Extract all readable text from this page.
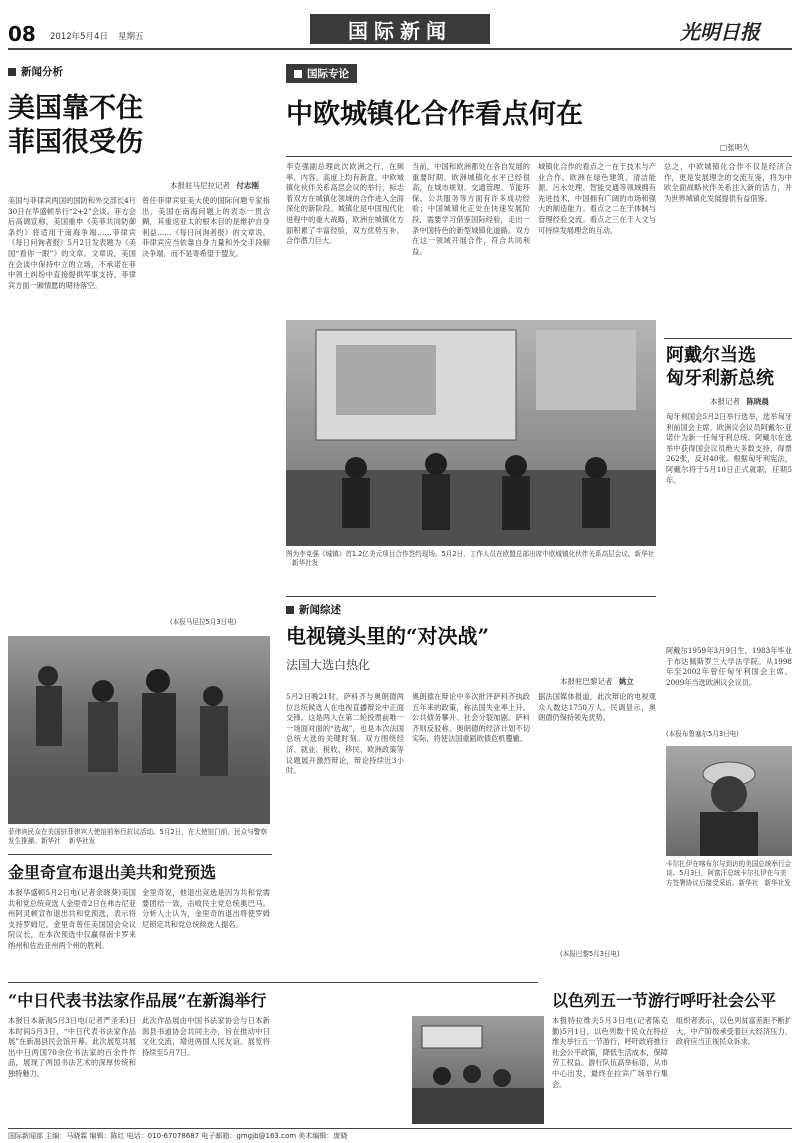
08 2012年5月4日 星期五	国际新闻	光明日报
新闻分析
美国靠不住
菲国很受伤
本报驻马尼拉记者 付志刚
美国与菲律宾两国的国防和外交部长4月30日在华盛顿举行“2+2”会谈。菲方会后高调宣称，美国重申《美菲共同防御条约》将适用于南海争端……菲律宾《每日问询者报》5月2日发表题为《美国“看你一眼”》的文章。文章说，美国在会谈中保持中立的立场，不承诺在菲中领土纠纷中直接提供军事支持，菲律宾方面一厢情愿的期待落空。
曾任菲律宾驻美大使的国际问题专家指出，美国在南海问题上的表态一贯含糊，其重返亚太的根本目的是维护自身利益……《每日问询者报》的文章说，菲律宾应当依靠自身力量和外交手段解决争端，而不是寄希望于盟友。
(本报马尼拉5月3日电)
菲律宾民众在美国驻菲律宾大使馆前举行抗议活动。5月2日，在大使馆门前，民众与警察发生推搡。新华社 新华社发
金里奇宣布退出美共和党预选
本报华盛顿5月2日电(记者余晓葵)美国共和党总统竞选人金里奇2日在弗吉尼亚州阿灵顿宣布退出共和党预选，表示将支持罗姆尼。金里奇曾任美国国会众议院议长，在本次预选中仅赢得南卡罗来纳州和佐治亚州两个州的胜利。
金里奇说，他退出竞选是因为共和党需要团结一致，击败民主党总统奥巴马。分析人士认为，金里奇的退出将使罗姆尼锁定共和党总统候选人提名。
“中日代表书法家作品展”在新潟举行
本报日本新潟5月3日电(记者严圣禾)日本时间5月3日，“中日代表书法家作品展”在新潟县民会馆开幕。此次展览共展出中日两国70余位书法家的百余件作品，展现了两国书法艺术的深厚传统和独特魅力。
此次作品展由中国书法家协会与日本新潟县书道协会共同主办，旨在推动中日文化交流，增进两国人民友谊。展览将持续至5月7日。
国际专论
中欧城镇化合作看点何在
□张明久
李克强副总理此次欧洲之行，在频率、内容、高度上均有新意。中欧城镇化伙伴关系高层会议的举行，标志着双方在城镇化领域的合作进入全面深化的新阶段。城镇化是中国现代化进程中的重大战略，欧洲在城镇化方面积累了丰富经验，双方优势互补，合作潜力巨大。
当前，中国和欧洲都处在各自发展的重要时期。欧洲城镇化水平已经很高，在城市规划、交通管理、节能环保、公共服务等方面有许多成功经验；中国城镇化正处在快速发展阶段，需要学习借鉴国际经验，走出一条中国特色的新型城镇化道路。双方在这一领域开展合作，符合共同利益。
城镇化合作的看点之一在于技术与产业合作。欧洲在绿色建筑、清洁能源、污水处理、智能交通等领域拥有先进技术，中国拥有广阔的市场和强大的制造能力。看点之二在于体制与管理经验交流。看点之三在于人文与可持续发展理念的互动。
总之，中欧城镇化合作不仅是经济合作，更是发展理念的交流互鉴，将为中欧全面战略伙伴关系注入新的活力，并为世界城镇化发展提供有益借鉴。
图为李克强《城镇》首1.2亿美元项目合作签约现场。5月2日，工作人员在欧盟总部出席中欧城镇化伙伴关系高层会议。新华社 新华社发
阿戴尔当选
匈牙利新总统
本报记者 陈晓晨
匈牙利国会5月2日举行选举，选举匈牙利前国会主席、欧洲议会议员阿戴尔·亚诺什为新一任匈牙利总统。阿戴尔在选举中获得国会议员绝大多数支持，得票262张，反对40张。根据匈牙利宪法，阿戴尔将于5月10日正式就职，任期5年。
阿戴尔1959年3月9日生，1983年毕业于布达佩斯罗兰大学法学院。从1998年至2002年曾任匈牙利国会主席。2009年当选欧洲议会议员。
(本报布鲁塞尔5月3日电)
卡尔扎伊在喀布尔与到访的美国总统举行会谈。5月3日，阿富汗总统卡尔扎伊在与美方签署协议后接受采访。新华社 新华社发
新闻综述
电视镜头里的“对决战”
法国大选白热化
本报驻巴黎记者 姚立
5月2日晚21时，萨科齐与奥朗德两位总统候选人在电视直播辩论中正面交锋。这是两人在第二轮投票前唯一一场面对面的“选战”，也是本次法国总统大选的关键时刻。双方围绕经济、就业、税收、移民、欧洲政策等议题展开激烈辩论，辩论持续近3小时。
奥朗德在辩论中多次批评萨科齐执政五年来的政策，称法国失业率上升、公共债务攀升、社会分裂加剧。萨科齐则反驳称，奥朗德的经济计划不切实际，将使法国重蹈欧债危机覆辙。
据法国媒体报道，此次辩论的电视观众人数达1750万人。民调显示，奥朗德仍保持领先优势。
(本报巴黎5月3日电)
以色列五一节游行呼吁社会公平
本报特拉维夫5月3日电(记者陈克勤)5月1日，以色列数千民众在特拉维夫举行五一节游行，呼吁政府推行社会公平政策，降低生活成本，保障劳工权益。游行队伍高举标语，从市中心出发，最终在拉宾广场举行集会。
组织者表示，以色列贫富差距不断扩大，中产阶级承受着巨大经济压力，政府应当正视民众诉求。
国际新闻部 主编：马晓霖 编辑：陈红 电话：010-67078687 电子邮箱：gmgjb@163.com 美术编辑：庞晓
